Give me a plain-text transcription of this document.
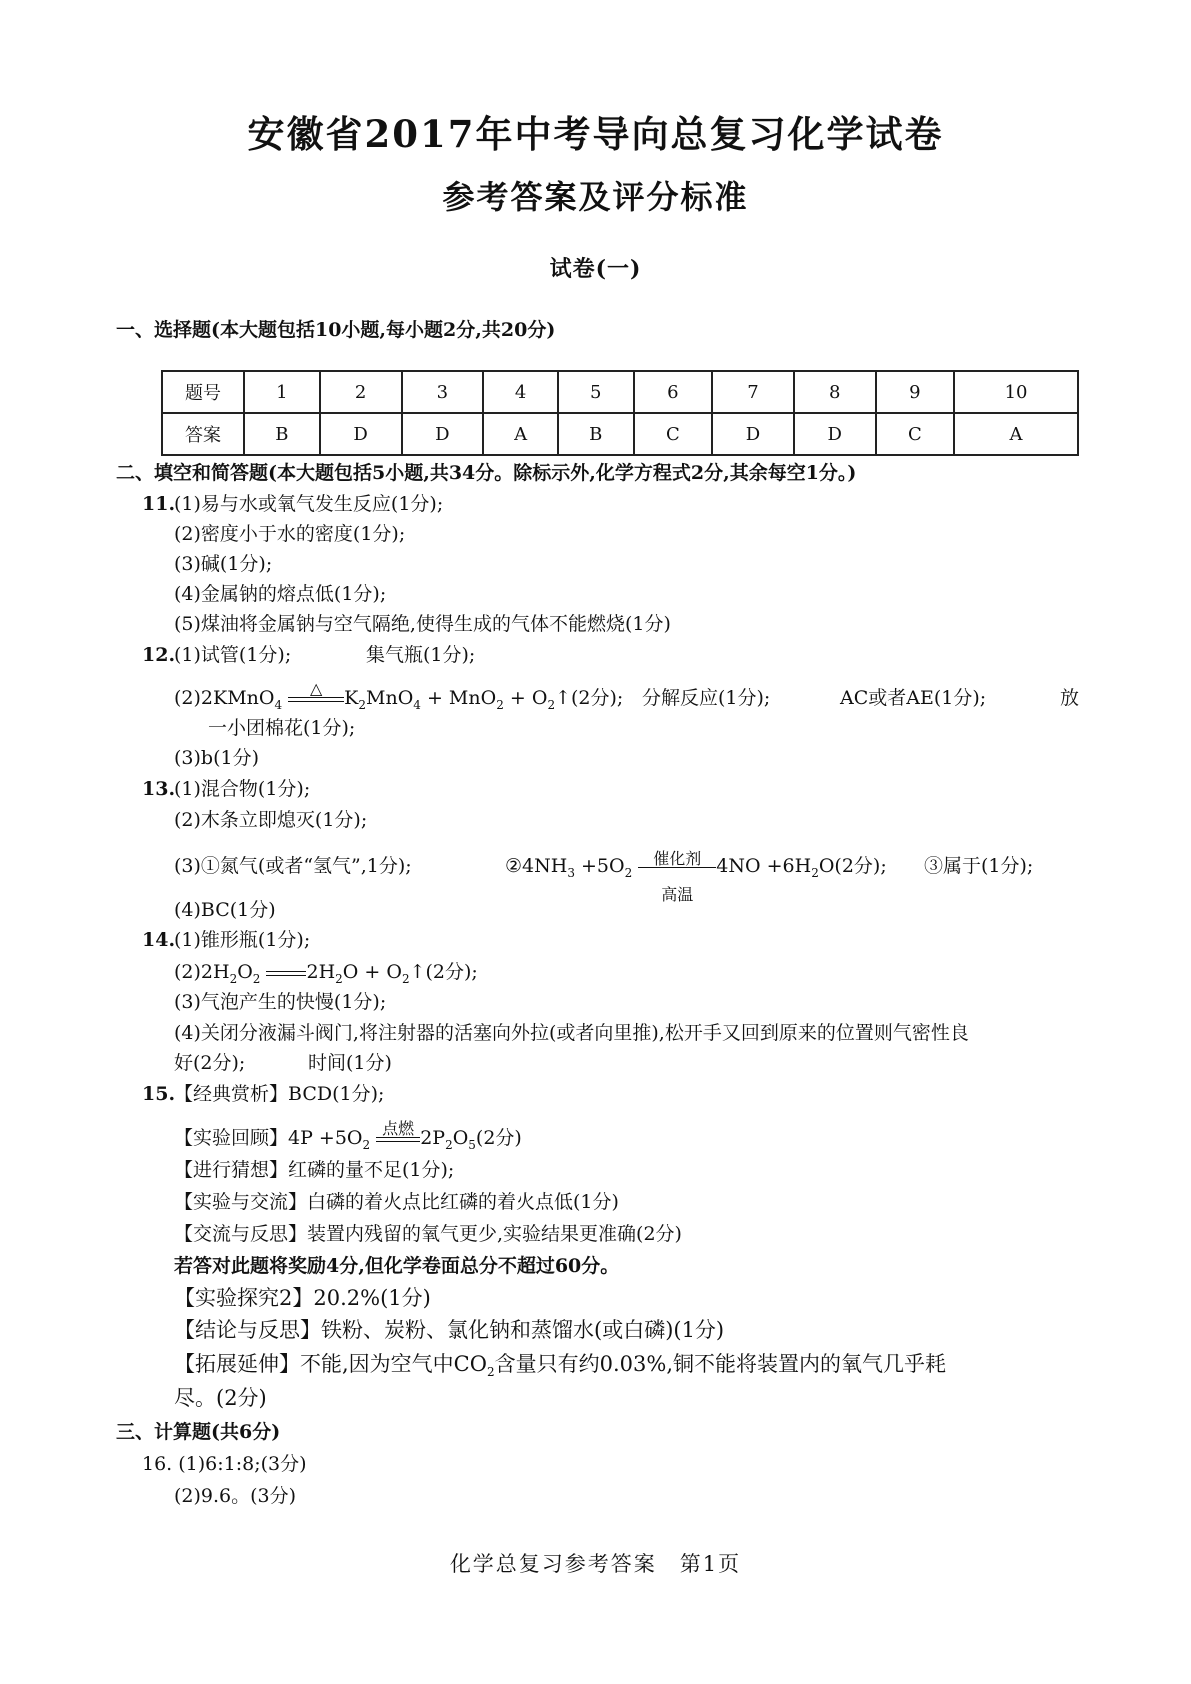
安徽省2017年中考导向总复习化学试卷
参考答案及评分标准
试卷(一)
一、选择题(本大题包括10小题,每小题2分,共20分)
题号	1	2	3	4	5	6	7	8	9	10
答案	B	D	D	A	B	C	D	D	C	A
二、填空和简答题(本大题包括5小题,共34分。除标示外,化学方程式2分,其余每空1分。)
11.
(1)易与水或氧气发生反应(1分);
(2)密度小于水的密度(1分);
(3)碱(1分);
(4)金属钠的熔点低(1分);
(5)煤油将金属钠与空气隔绝,使得生成的气体不能燃烧(1分)
12.
(1)试管(1分);	集气瓶(1分);
(2)2KMnO$_4$
△	$K_2MnO_4 + MnO_2$ + $O_2↑(2$分); 分解反应(1分);	AC或者AE(1分);	放
一小团棉花(1分);
(3)b(1分)
13.
(1)混合物(1分);
(2)木条立即熄灭(1分);
(3)①氮气(或者“氢气”,1分);	$②4NH_3 +5O_2$
催化剂
高温
$4NO +6H_2O(2$分); ③属于(1分);
(4)BC(1分)
14.
(1)锥形瓶(1分);
$(2)2H_2O_2$ $2H_2O$ + $O_2↑(2$分);
(3)气泡产生的快慢(1分);
(4)关闭分液漏斗阀门,将注射器的活塞向外拉(或者向里推),松开手又回到原来的位置则气密性良
好(2分);	时间(1分)
15.
【经典赏析】BCD(1分);
【实验回顾】$4P +5O_2$
点燃 $2P_2O_5(2$分)
【进行猜想】红磷的量不足(1分);
【实验与交流】白磷的着火点比红磷的着火点低(1分)
【交流与反思】装置内残留的氧气更少,实验结果更准确(2分)
若答对此题将奖励4分,但化学卷面总分不超过60分。
【实验探究2】20.2%(1分)
【结论与反思】铁粉、炭粉、氯化钠和蒸馏水(或白磷)(1分)
【拓展延伸】不能,因为空气中$CO_2$含量只有约0.03%,铜不能将装置内的氧气几乎耗
尽。(2分)
三、计算题(共6分)
16. (1)6:1:8;(3分)
(2)9.6。(3分)
化学总复习参考答案　第1页
